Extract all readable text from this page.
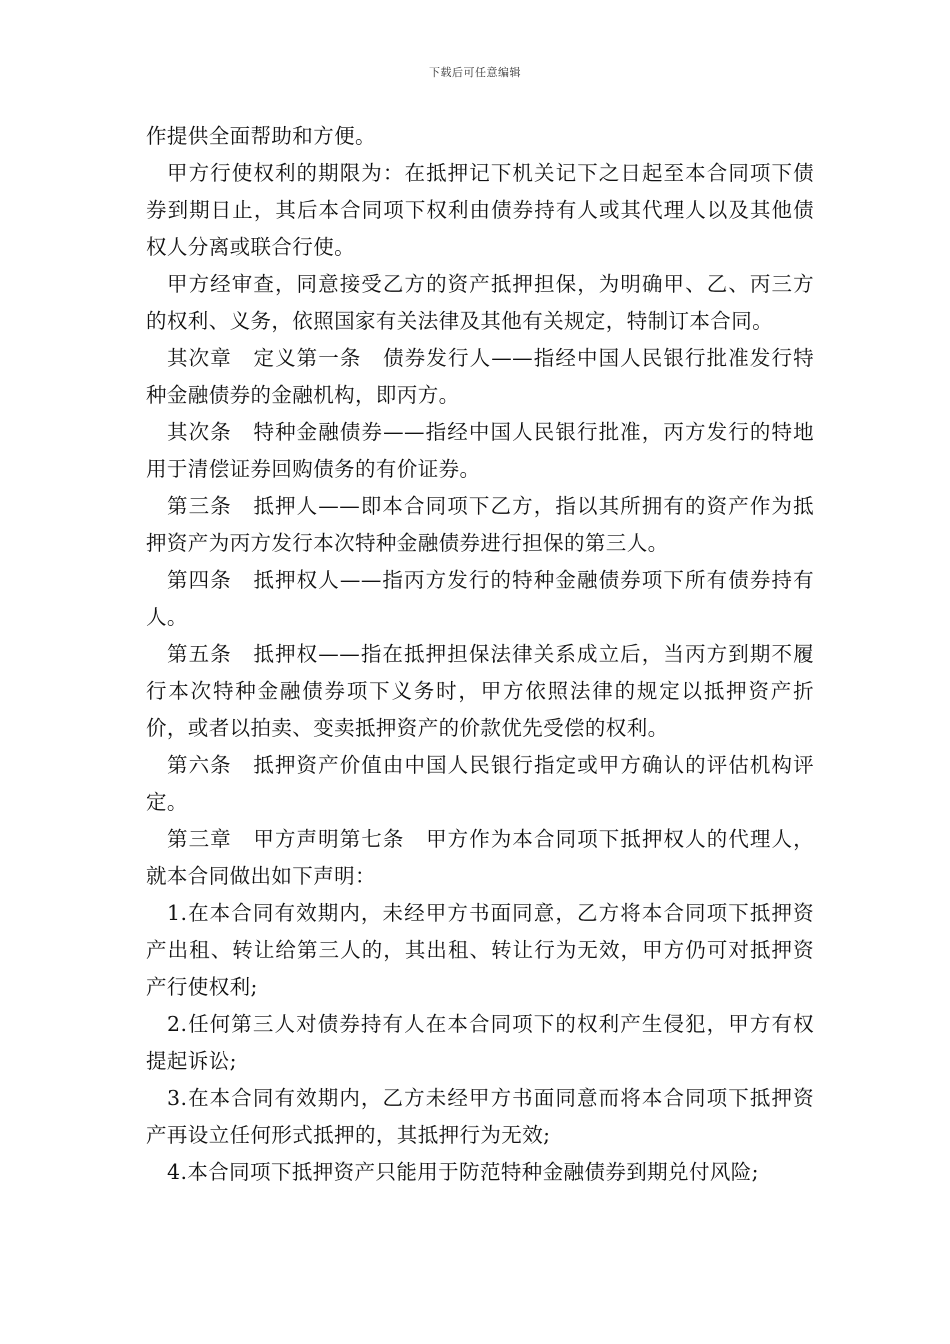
下载后可任意编辑

作提供全面帮助和方便。

甲方行使权利的期限为：在抵押记下机关记下之日起至本合同项下债券到期日止，其后本合同项下权利由债券持有人或其代理人以及其他债权人分离或联合行使。

甲方经审查，同意接受乙方的资产抵押担保，为明确甲、乙、丙三方的权利、义务，依照国家有关法律及其他有关规定，特制订本合同。

其次章　定义第一条　债券发行人——指经中国人民银行批准发行特种金融债券的金融机构，即丙方。

其次条　特种金融债券——指经中国人民银行批准，丙方发行的特地用于清偿证券回购债务的有价证券。

第三条　抵押人——即本合同项下乙方，指以其所拥有的资产作为抵押资产为丙方发行本次特种金融债券进行担保的第三人。

第四条　抵押权人——指丙方发行的特种金融债券项下所有债券持有人。

第五条　抵押权——指在抵押担保法律关系成立后，当丙方到期不履行本次特种金融债券项下义务时，甲方依照法律的规定以抵押资产折价，或者以拍卖、变卖抵押资产的价款优先受偿的权利。

第六条　抵押资产价值由中国人民银行指定或甲方确认的评估机构评定。

第三章　甲方声明第七条　甲方作为本合同项下抵押权人的代理人，就本合同做出如下声明：

1.在本合同有效期内，未经甲方书面同意，乙方将本合同项下抵押资产出租、转让给第三人的，其出租、转让行为无效，甲方仍可对抵押资产行使权利;

2.任何第三人对债券持有人在本合同项下的权利产生侵犯，甲方有权提起诉讼;

3.在本合同有效期内，乙方未经甲方书面同意而将本合同项下抵押资产再设立任何形式抵押的，其抵押行为无效;

4.本合同项下抵押资产只能用于防范特种金融债券到期兑付风险;
